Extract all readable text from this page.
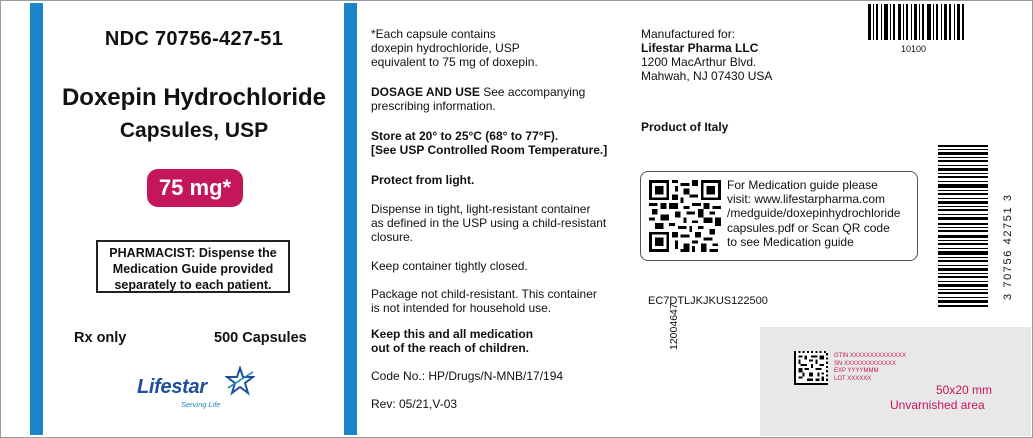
NDC 70756-427-51
Doxepin Hydrochloride
Capsules, USP
75 mg*
PHARMACIST: Dispense the
Medication Guide provided
separately to each patient.
Rx only	500 Capsules
Lifestar
Serving Life
*Each capsule contains
doxepin hydrochloride, USP
equivalent to 75 mg of doxepin.
DOSAGE AND USE See accompanying
prescribing information.
Store at 20° to 25°C (68° to 77°F).
[See USP Controlled Room Temperature.]
Protect from light.
Dispense in tight, light-resistant container
as defined in the USP using a child-resistant
closure.
Keep container tightly closed.
Package not child-resistant. This container
is not intended for household use.
Keep this and all medication
out of the reach of children.
Code No.: HP/Drugs/N-MNB/17/194
Rev: 05/21,V-03
12004647
Manufactured for:
Lifestar Pharma LLC
1200 MacArthur Blvd.
Mahwah, NJ 07430 USA
Product of Italy
For Medication guide please
visit: www.lifestarpharma.com
/medguide/doxepinhydrochloride
capsules.pdf or Scan QR code
to see Medication guide
EC7DTLJKJKUS122500
10100
3 70756 42751 3
GTIN XXXXXXXXXXXXXX
SN XXXXXXXXXXXXX
EXP YYYYMMM
LOT XXXXXX
50x20 mm
Unvarnished area
